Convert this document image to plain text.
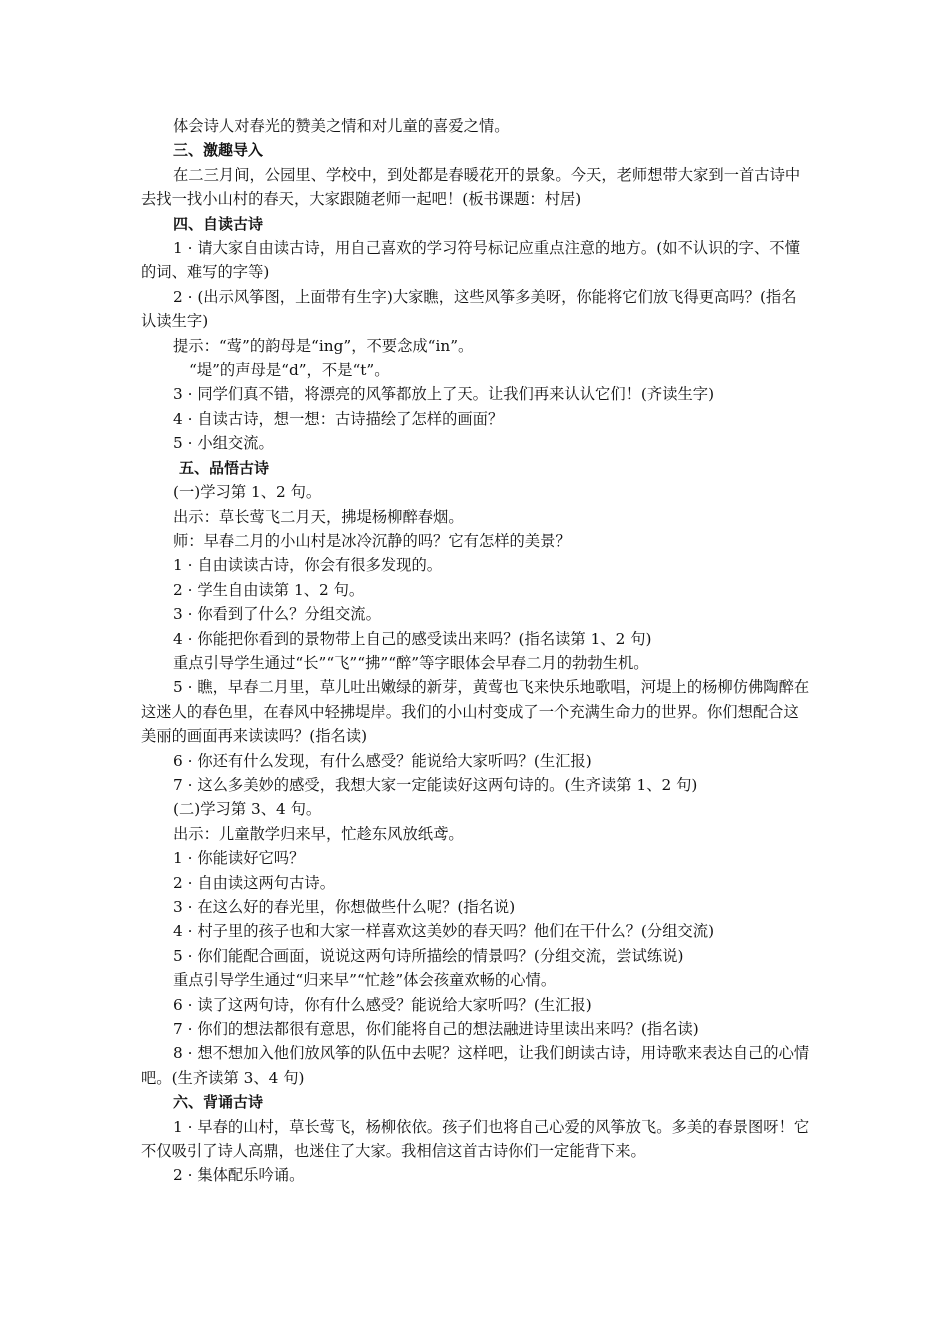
体会诗人对春光的赞美之情和对儿童的喜爱之情。

三、激趣导入

在二三月间，公园里、学校中，到处都是春暖花开的景象。今天，老师想带大家到一首古诗中去找一找小山村的春天，大家跟随老师一起吧！(板书课题：村居)

四、自读古诗

1 · 请大家自由读古诗，用自己喜欢的学习符号标记应重点注意的地方。(如不认识的字、不懂的词、难写的字等)

2 · (出示风筝图，上面带有生字)大家瞧，这些风筝多美呀，你能将它们放飞得更高吗？(指名认读生字)

提示：“莺”的韵母是“ing”，不要念成“in”。

“堤”的声母是“d”，不是“t”。

3 · 同学们真不错，将漂亮的风筝都放上了天。让我们再来认认它们！(齐读生字)

4 · 自读古诗，想一想：古诗描绘了怎样的画面？

5 · 小组交流。

五、品悟古诗

(一)学习第 1、2 句。

出示：草长莺飞二月天，拂堤杨柳醉春烟。

师：早春二月的小山村是冰冷沉静的吗？它有怎样的美景？

1 · 自由读读古诗，你会有很多发现的。

2 · 学生自由读第 1、2 句。

3 · 你看到了什么？分组交流。

4 · 你能把你看到的景物带上自己的感受读出来吗？(指名读第 1、2 句)

重点引导学生通过“长”“飞”“拂”“醉”等字眼体会早春二月的勃勃生机。

5 · 瞧，早春二月里，草儿吐出嫩绿的新芽，黄莺也飞来快乐地歌唱，河堤上的杨柳仿佛陶醉在这迷人的春色里，在春风中轻拂堤岸。我们的小山村变成了一个充满生命力的世界。你们想配合这美丽的画面再来读读吗？(指名读)

6 · 你还有什么发现，有什么感受？能说给大家听吗？(生汇报)

7 · 这么多美妙的感受，我想大家一定能读好这两句诗的。(生齐读第 1、2 句)

(二)学习第 3、4 句。

出示：儿童散学归来早，忙趁东风放纸鸢。

1 · 你能读好它吗？

2 · 自由读这两句古诗。

3 · 在这么好的春光里，你想做些什么呢？(指名说)

4 · 村子里的孩子也和大家一样喜欢这美妙的春天吗？他们在干什么？(分组交流)

5 · 你们能配合画面，说说这两句诗所描绘的情景吗？(分组交流，尝试练说)

重点引导学生通过“归来早”“忙趁”体会孩童欢畅的心情。

6 · 读了这两句诗，你有什么感受？能说给大家听吗？(生汇报)

7 · 你们的想法都很有意思，你们能将自己的想法融进诗里读出来吗？(指名读)

8 · 想不想加入他们放风筝的队伍中去呢？这样吧，让我们朗读古诗，用诗歌来表达自己的心情吧。(生齐读第 3、4 句)

六、背诵古诗

1 · 早春的山村，草长莺飞，杨柳依依。孩子们也将自己心爱的风筝放飞。多美的春景图呀！它不仅吸引了诗人高鼎，也迷住了大家。我相信这首古诗你们一定能背下来。

2 · 集体配乐吟诵。
